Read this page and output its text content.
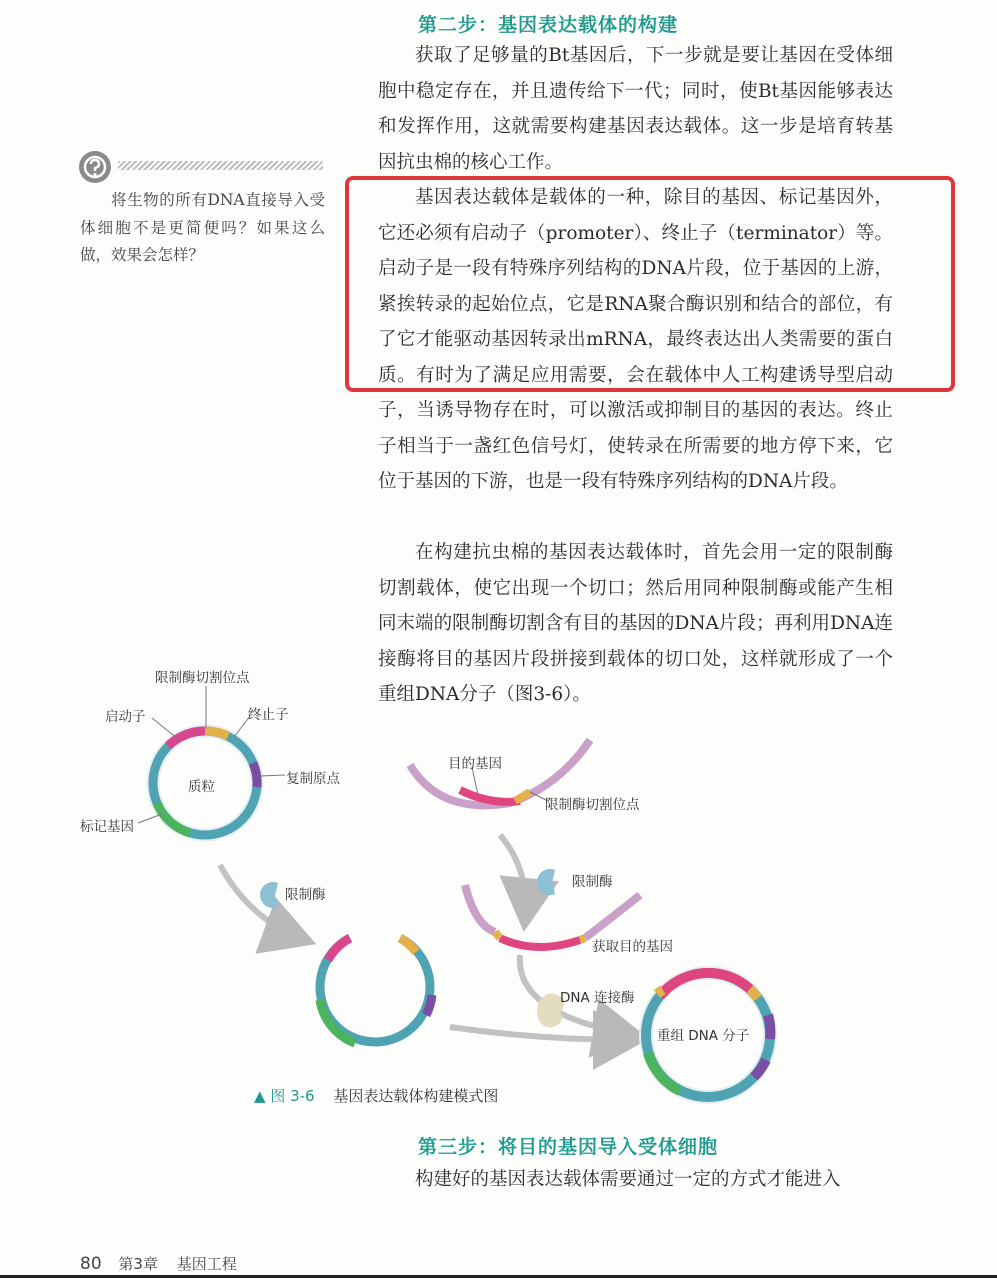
第二步：基因表达载体的构建

获取了足够量的Bt基因后，下一步就是要让基因在受体细胞中稳定存在，并且遗传给下一代；同时，使Bt基因能够表达和发挥作用，这就需要构建基因表达载体。这一步是培育转基因抗虫棉的核心工作。

基因表达载体是载体的一种，除目的基因、标记基因外，它还必须有启动子（promoter）、终止子（terminator）等。启动子是一段有特殊序列结构的DNA片段，位于基因的上游，紧挨转录的起始位点，它是RNA聚合酶识别和结合的部位，有了它才能驱动基因转录出mRNA，最终表达出人类需要的蛋白质。有时为了满足应用需要，会在载体中人工构建诱导型启动子，当诱导物存在时，可以激活或抑制目的基因的表达。终止子相当于一盏红色信号灯，使转录在所需要的地方停下来，它位于基因的下游，也是一段有特殊序列结构的DNA片段。

在构建抗虫棉的基因表达载体时，首先会用一定的限制酶切割载体，使它出现一个切口；然后用同种限制酶或能产生相同末端的限制酶切割含有目的基因的DNA片段；再利用DNA连接酶将目的基因片段拼接到载体的切口处，这样就形成了一个重组DNA分子（图3-6）。

将生物的所有DNA直接导入受体细胞不是更简便吗？如果这么做，效果会怎样？
限制酶切割位点
启动子	终止子
质粒	复制原点
标记基因
限制酶
目的基因
限制酶切割位点
限制酶
获取目的基因
DNA 连接酶
重组 DNA 分子
▲ 图 3-6 基因表达载体构建模式图
第三步：将目的基因导入受体细胞

构建好的基因表达载体需要通过一定的方式才能进入

80 第3章 基因工程
